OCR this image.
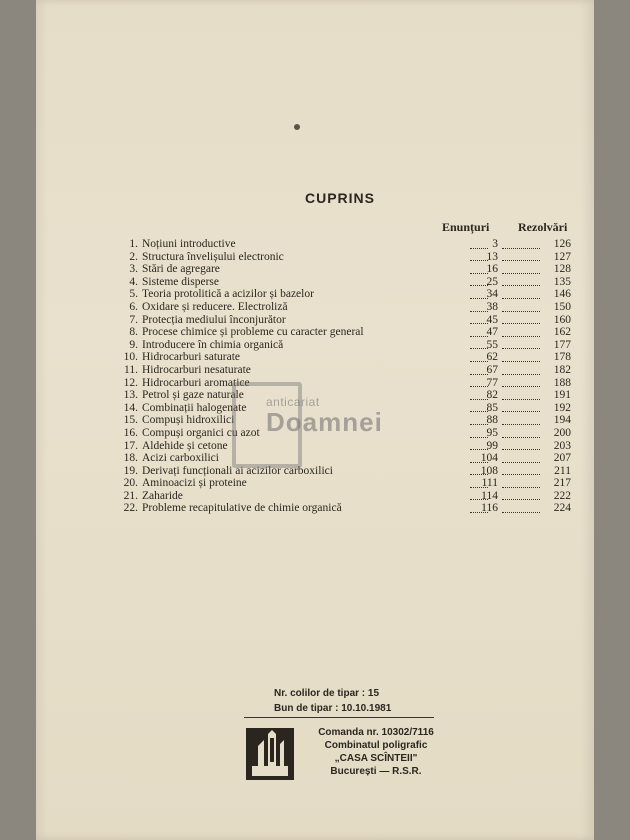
CUPRINS
Enunțuri Rezolvări
1. Noțiuni introductive	3	126
2. Structura învelișului electronic	13	127
3. Stări de agregare	16	128
4. Sisteme disperse	25	135
5. Teoria protolitică a acizilor și bazelor	34	146
6. Oxidare și reducere. Electroliză	38	150
7. Protecția mediului înconjurător	45	160
8. Procese chimice și probleme cu caracter general	47	162
9. Introducere în chimia organică	55	177
10. Hidrocarburi saturate	62	178
11. Hidrocarburi nesaturate	67	182
12. Hidrocarburi aromatice	77	188
13. Petrol și gaze naturale	82	191
14. Combinații halogenate	85	192
15. Compuși hidroxilici	88	194
16. Compuși organici cu azot	95	200
17. Aldehide și cetone	99	203
18. Acizi carboxilici	104	207
19. Derivați funcționali ai acizilor carboxilici	108	211
20. Aminoacizi și proteine	111	217
21. Zaharide	114	222
22. Probleme recapitulative de chimie organică	116	224
anticariat
Doamnei
Nr. colilor de tipar : 15
Bun de tipar : 10.10.1981
Comanda nr. 10302/7116
Combinatul poligrafic
„CASA SCÎNTEII"
București — R.S.R.
